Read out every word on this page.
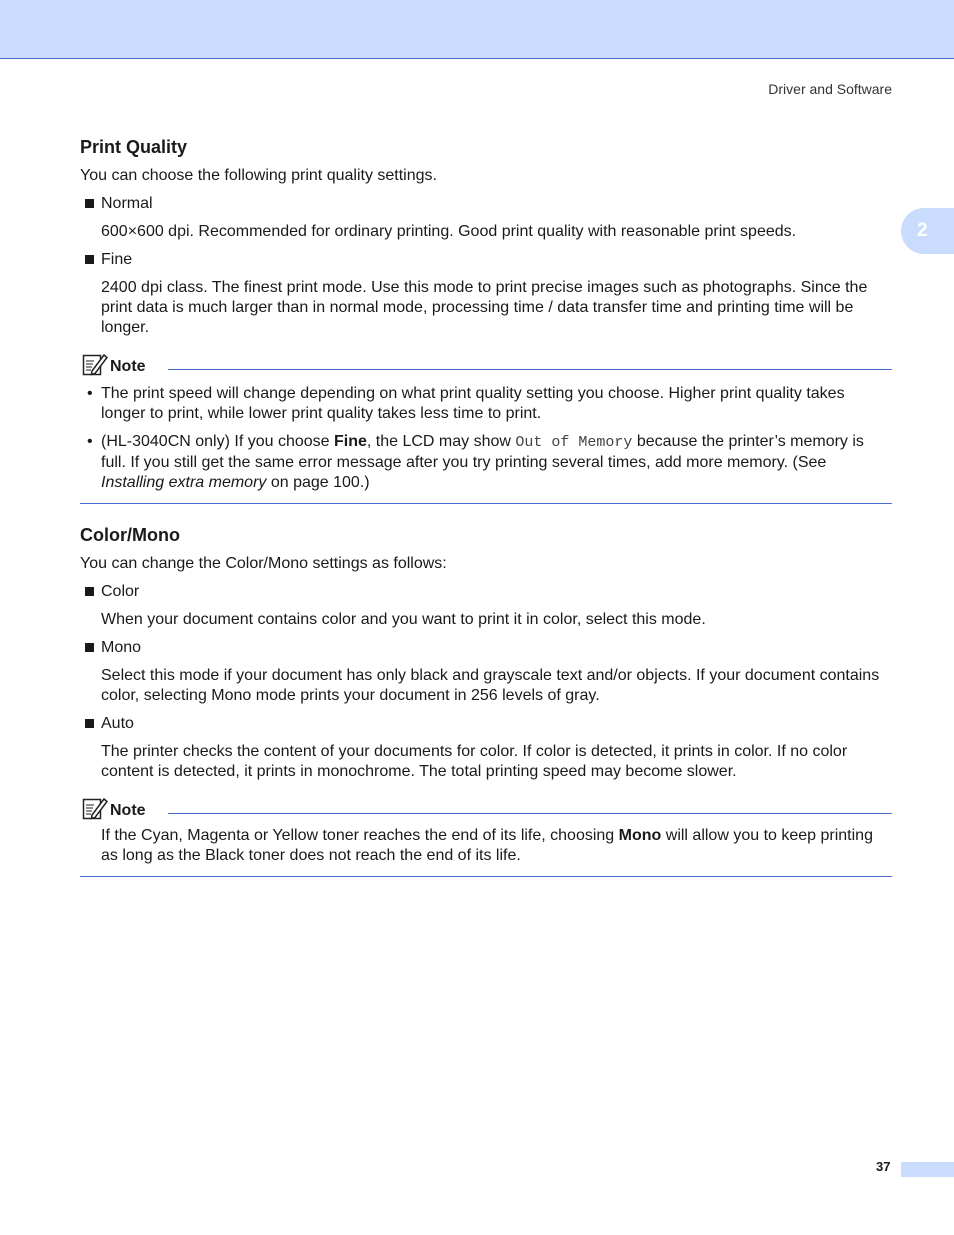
Driver and Software
2
Print Quality

You can choose the following print quality settings.

Normal
600×600 dpi. Recommended for ordinary printing. Good print quality with reasonable print speeds.
Fine
2400 dpi class. The finest print mode. Use this mode to print precise images such as photographs. Since the print data is much larger than in normal mode, processing time / data transfer time and printing time will be longer.
Note
• The print speed will change depending on what print quality setting you choose. Higher print quality takes longer to print, while lower print quality takes less time to print.
• (HL-3040CN only) If you choose Fine, the LCD may show Out of Memory because the printer’s memory is full. If you still get the same error message after you try printing several times, add more memory. (See Installing extra memory on page 100.)
Color/Mono

You can change the Color/Mono settings as follows:

Color
When your document contains color and you want to print it in color, select this mode.
Mono
Select this mode if your document has only black and grayscale text and/or objects. If your document contains color, selecting Mono mode prints your document in 256 levels of gray.
Auto
The printer checks the content of your documents for color. If color is detected, it prints in color. If no color content is detected, it prints in monochrome. The total printing speed may become slower.
Note
If the Cyan, Magenta or Yellow toner reaches the end of its life, choosing Mono will allow you to keep printing as long as the Black toner does not reach the end of its life.
37
